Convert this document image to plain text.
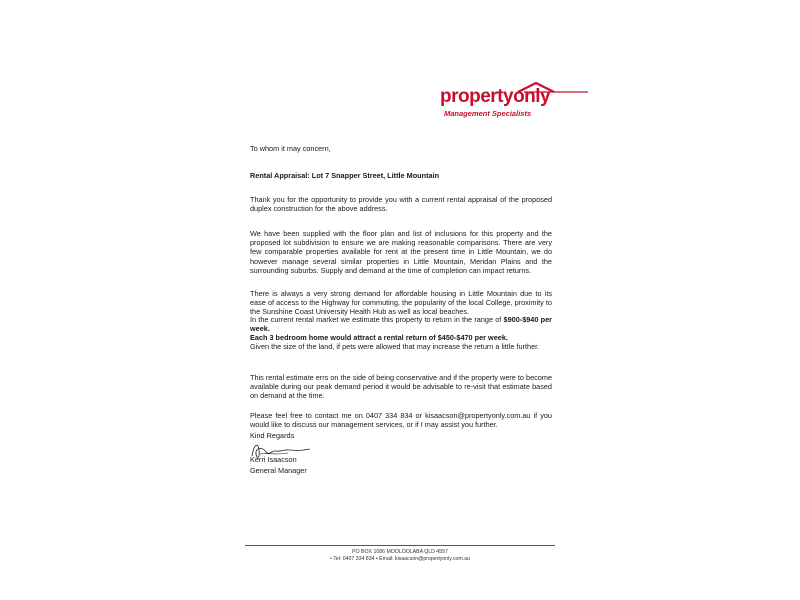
propertyonly
Management Specialists
To whom it may concern,
Rental Appraisal: Lot 7 Snapper Street, Little Mountain

Thank you for the opportunity to provide you with a current rental appraisal of the proposed duplex construction for the above address.

We have been supplied with the floor plan and list of inclusions for this property and the proposed lot subdivision to ensure we are making reasonable comparisons. There are very few comparable properties available for rent at the present time in Little Mountain, we do however manage several similar properties in Little Mountain, Meridan Plains and the surrounding suburbs. Supply and demand at the time of completion can impact returns.

There is always a very strong demand for affordable housing in Little Mountain due to its ease of access to the Highway for commuting, the popularity of the local College, proximity to the Sunshine Coast University Health Hub as well as local beaches.

In the current rental market we estimate this property to return in the range of $900-$940 per week.
Each 3 bedroom home would attract a rental return of $450-$470 per week.
Given the size of the land, if pets were allowed that may increase the return a little further.

This rental estimate errs on the side of being conservative and if the property were to become available during our peak demand period it would be advisable to re-visit that estimate based on demand at the time.

Please feel free to contact me on 0407 334 834 or kisaacson@propertyonly.com.au if you would like to discuss our management services, or if I may assist you further.

Kind Regards
Kerri Isaacson
General Manager
PO BOX 1086 MOOLOOLABA QLD 4557
• Tel: 0407 334 834 • Email: kisaacson@propertyonly.com.au
